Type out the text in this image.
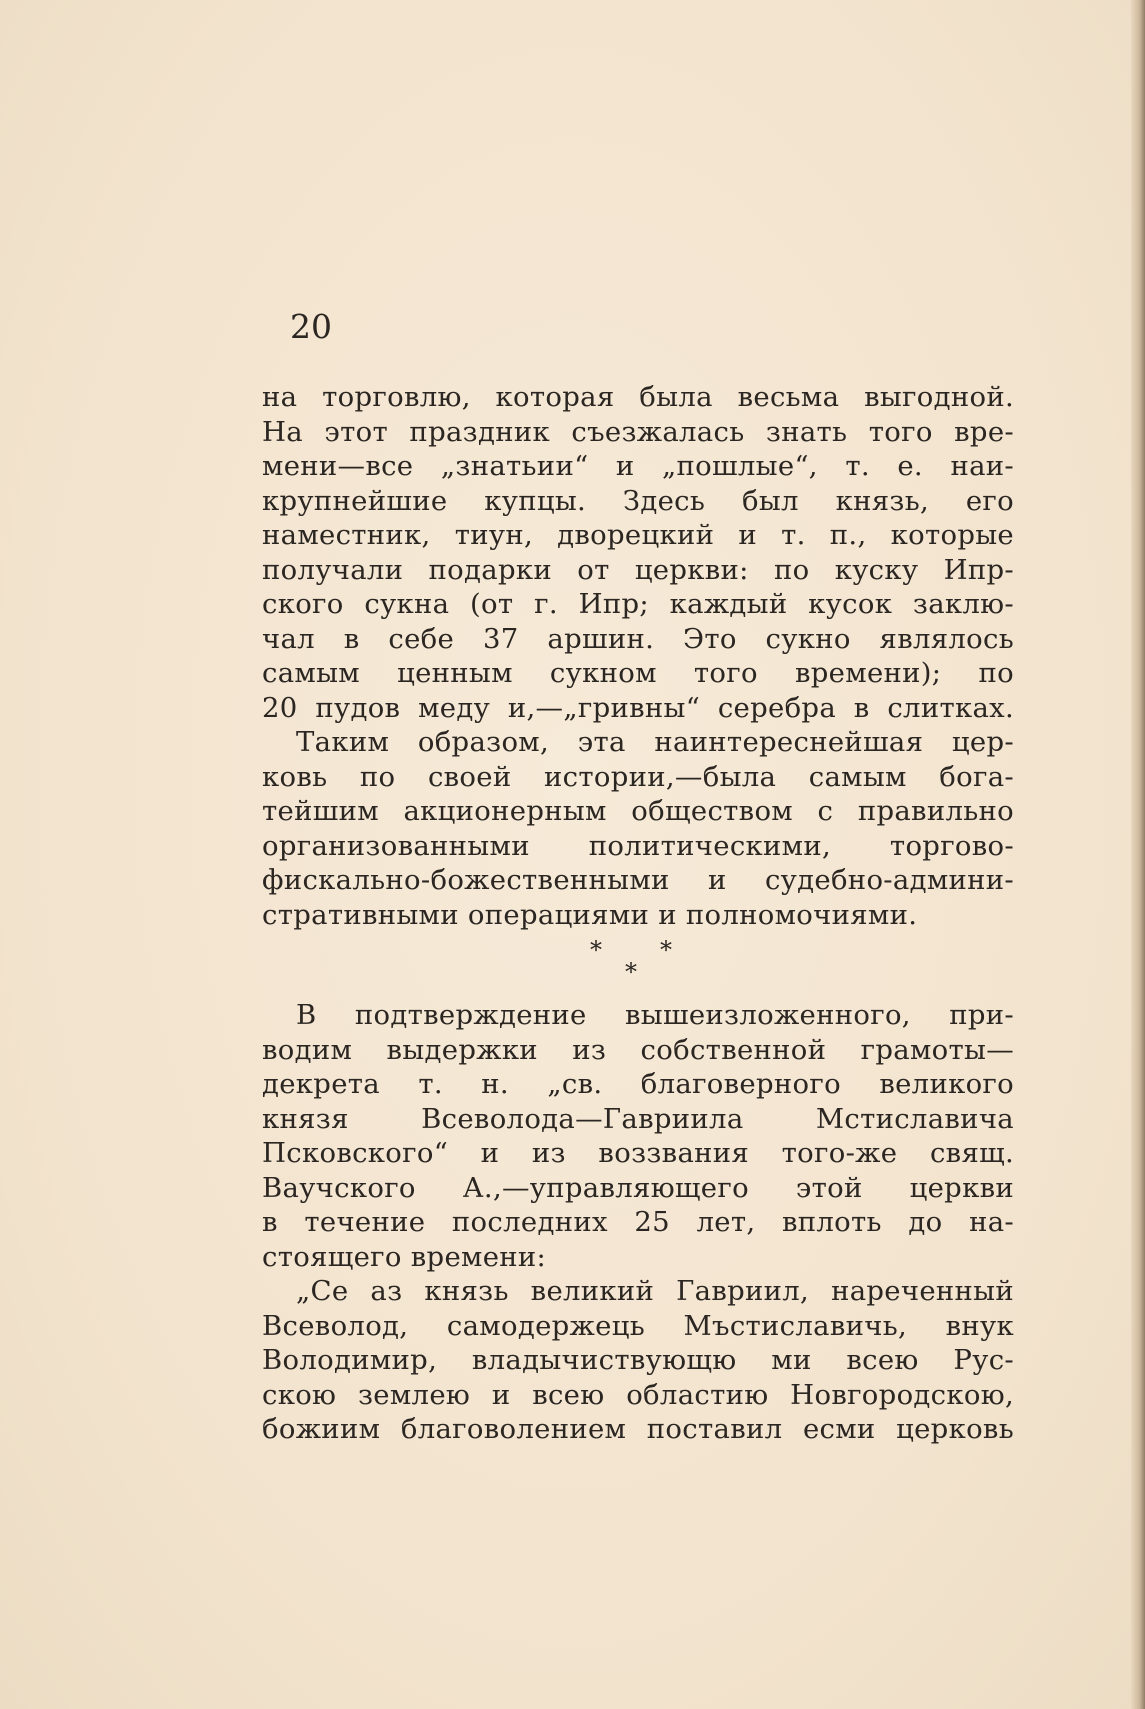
20
на торговлю, которая была весьма выгодной.
На этот праздник съезжалась знать того вре-
мени—все „знатьии“ и „пошлые“, т. е. наи-
крупнейшие купцы. Здесь был князь, его
наместник, тиун, дворецкий и т. п., которые
получали подарки от церкви: по куску Ипр-
ского сукна (от г. Ипр; каждый кусок заклю-
чал в себе 37 аршин. Это сукно являлось
самым ценным сукном того времени); по
20 пудов меду и,—„гривны“ серебра в слитках.
Таким образом, эта наинтереснейшая цер-
ковь по своей истории,—была самым бога-
тейшим акционерным обществом с правильно
организованными политическими, торгово-
фискально-божественными и судебно-админи-
стративными операциями и полномочиями.
* *
*
В подтверждение вышеизложенного, при-
водим выдержки из собственной грамоты—
декрета т. н. „св. благоверного великого
князя Всеволода—Гавриила Мстиславича
Псковского“ и из воззвания того-же свящ.
Ваучского А.,—управляющего этой церкви
в течение последних 25 лет, вплоть до на-
стоящего времени:
„Се аз князь великий Гавриил, нареченный
Всеволод, самодержець Мъстиславичь, внук
Володимир, владычиствующю ми всею Рус-
скою землею и всею областию Новгородскою,
божиим благоволением поставил есми церковь
